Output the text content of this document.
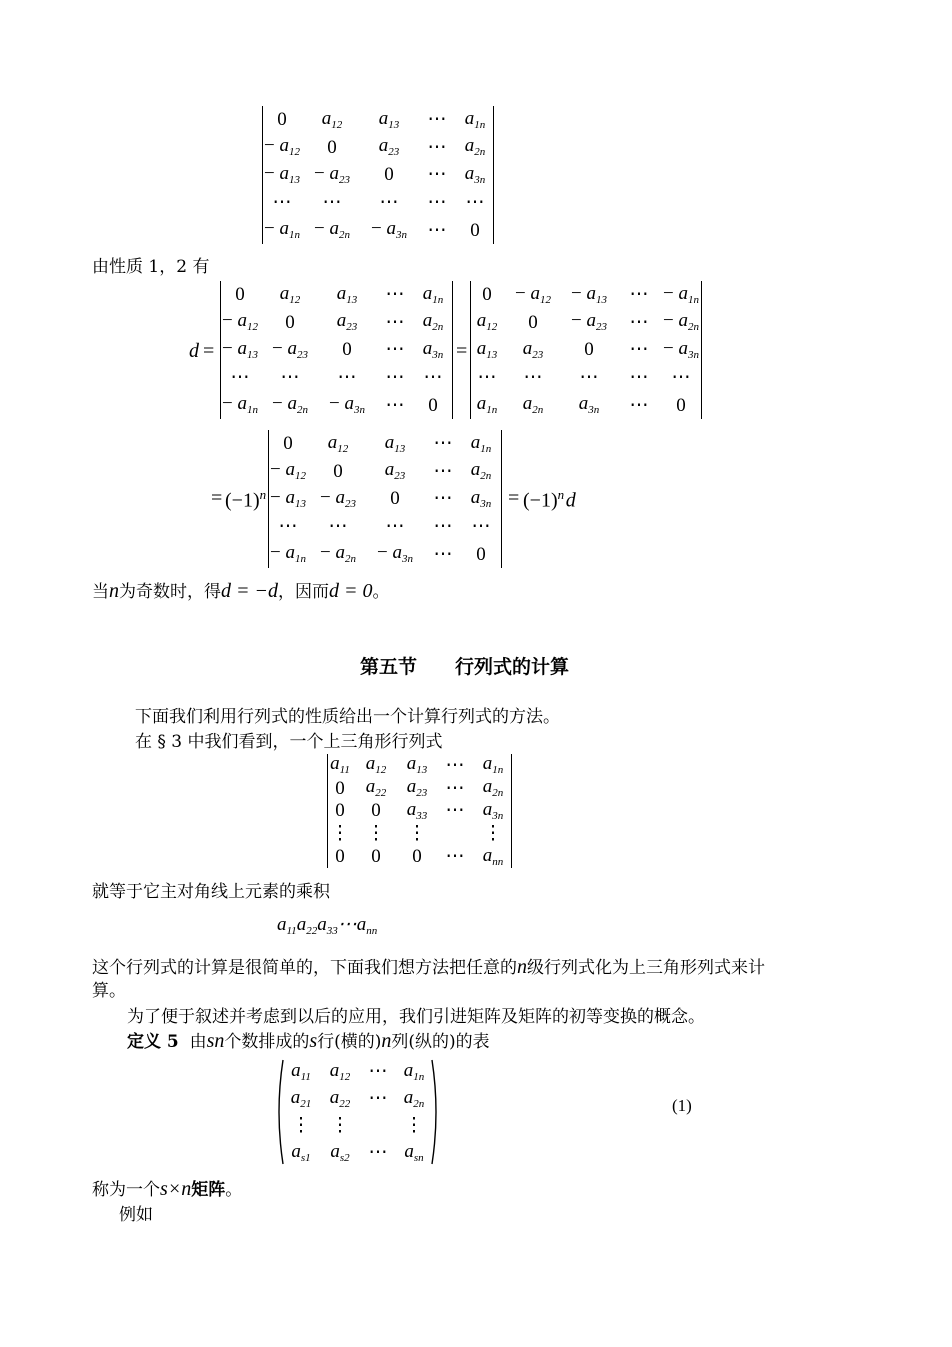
0 $a_{12}$ $a_{13}$ ⋯ $a_{1n}$
− $a_{12}$ 0 $a_{23}$ ⋯ $a_{2n}$
− $a_{13} - a_{23}$ 0 ⋯ $a_{3n}$
⋯ ⋯ ⋯ ⋯ ⋯
− $a_{1n} - a_{2n} - a_{3n}$ ⋯ 0
由性质 1，2 有
d =
0 $a_{12}$ $a_{13}$ ⋯ $a_{1n}$
− $a_{12}$ 0 $a_{23}$ ⋯ $a_{2n}$
− $a_{13} - a_{23}$ 0 ⋯ $a_{3n}$
⋯ ⋯ ⋯ ⋯ ⋯
− $a_{1n} - a_{2n} - a_{3n}$ ⋯ 0
=
$0 - a_{12} - a_{13}$ ⋯ − $a_{1n}$
$a_{12}$ $0 - a_{23}$ ⋯ − $a_{2n}$
$a_{13}$ $a_{23}$ 0 ⋯ − $a_{3n}$
⋯ ⋯ ⋯ ⋯ ⋯
$a_{1n}$ $a_{2n}$ $a_{3n}$ ⋯ 0
= $(-1)^n$
0 $a_{12}$ $a_{13}$ ⋯ $a_{1n}$
− $a_{12}$ 0 $a_{23}$ ⋯ $a_{2n}$
− $a_{13} - a_{23}$ 0 ⋯ $a_{3n}$
⋯ ⋯ ⋯ ⋯ ⋯
− $a_{1n} - a_{2n} - a_{3n}$ ⋯ 0
= $(-1)^n$ d
当n为奇数时，得d = −d，因而d = 0。
第五节　　行列式的计算
下面我们利用行列式的性质给出一个计算行列式的方法。
在 § 3 中我们看到，一个上三角形行列式
$a_{11}$ $a_{12}$ $a_{13}$ ⋯ $a_{1n}$
0 $a_{22}$ $a_{23}$ ⋯ $a_{2n}$
0 0 $a_{33}$ ⋯ $a_{3n}$
⋮ ⋮ ⋮	⋮
0 0 0 ⋯ $a_{nn}$
就等于它主对角线上元素的乘积
$a_{11}a_{22}a_{33}\cdots a_{nn}$
这个行列式的计算是很简单的，下面我们想方法把任意的n级行列式化为上三角形列式来计
算。
为了便于叙述并考虑到以后的应用，我们引进矩阵及矩阵的初等变换的概念。
定义 5 由sn个数排成的s行(横的)n列(纵的)的表
$a_{11}$ $a_{12}$ ⋯ $a_{1n}$
$a_{21}$ $a_{22}$ ⋯ $a_{2n}$
⋮ ⋮	⋮
$a_{s1}$ $a_{s2}$ ⋯ $a_{sn}$
(1)
称为一个s×n矩阵。
例如
